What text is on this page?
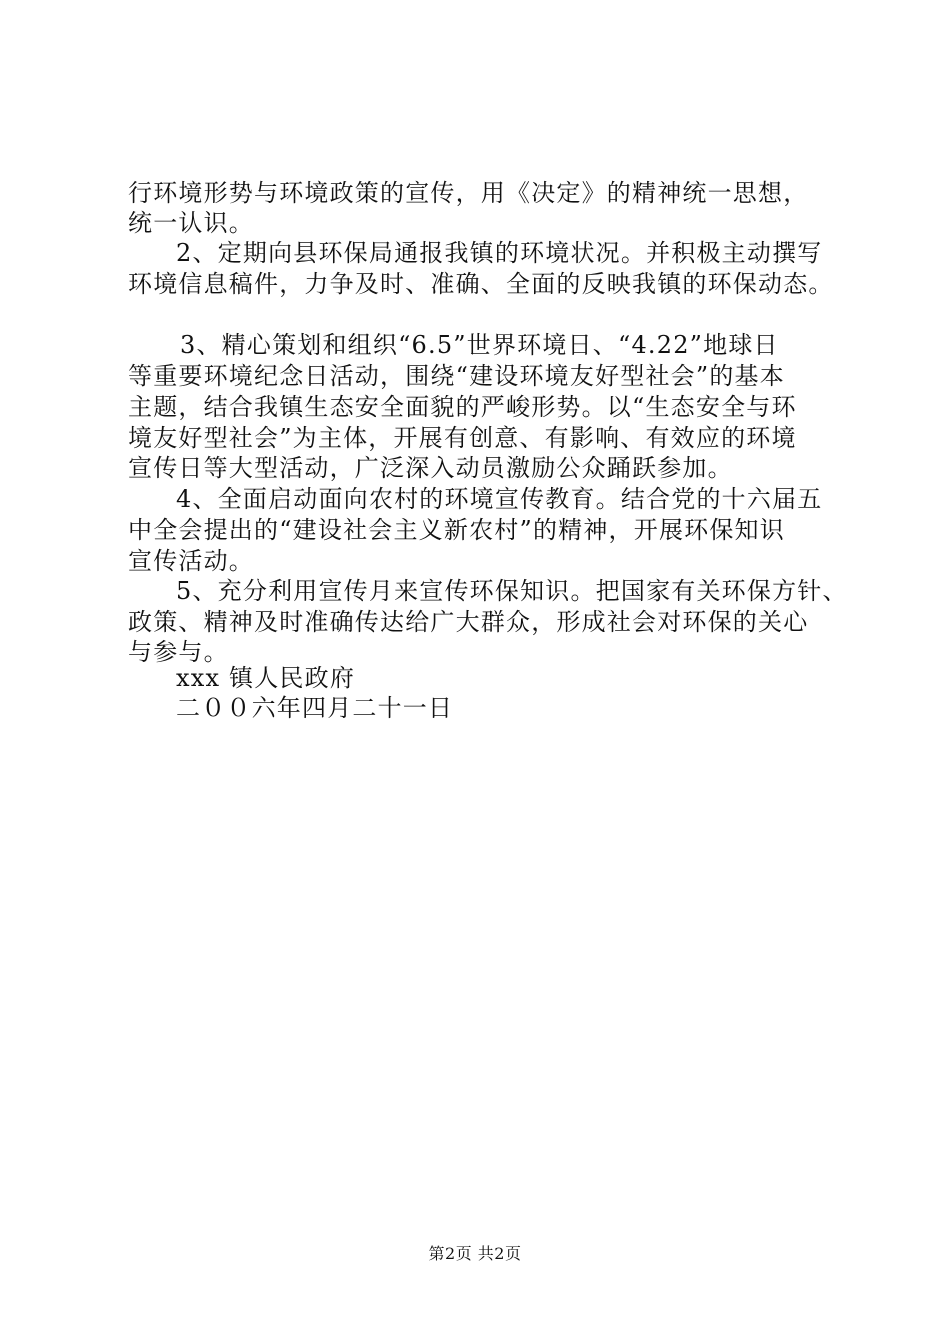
行环境形势与环境政策的宣传，用《决定》的精神统一思想，
统一认识。
2、定期向县环保局通报我镇的环境状况。并积极主动撰写
环境信息稿件，力争及时、准确、全面的反映我镇的环保动态。
3、精心策划和组织“6.5”世界环境日、“4.22”地球日
等重要环境纪念日活动，围绕“建设环境友好型社会”的基本
主题，结合我镇生态安全面貌的严峻形势。以“生态安全与环
境友好型社会”为主体，开展有创意、有影响、有效应的环境
宣传日等大型活动，广泛深入动员激励公众踊跃参加。
4、全面启动面向农村的环境宣传教育。结合党的十六届五
中全会提出的“建设社会主义新农村”的精神，开展环保知识
宣传活动。
5、充分利用宣传月来宣传环保知识。把国家有关环保方针、
政策、精神及时准确传达给广大群众，形成社会对环保的关心
与参与。
xxx 镇人民政府
二００六年四月二十一日
第2页 共2页
